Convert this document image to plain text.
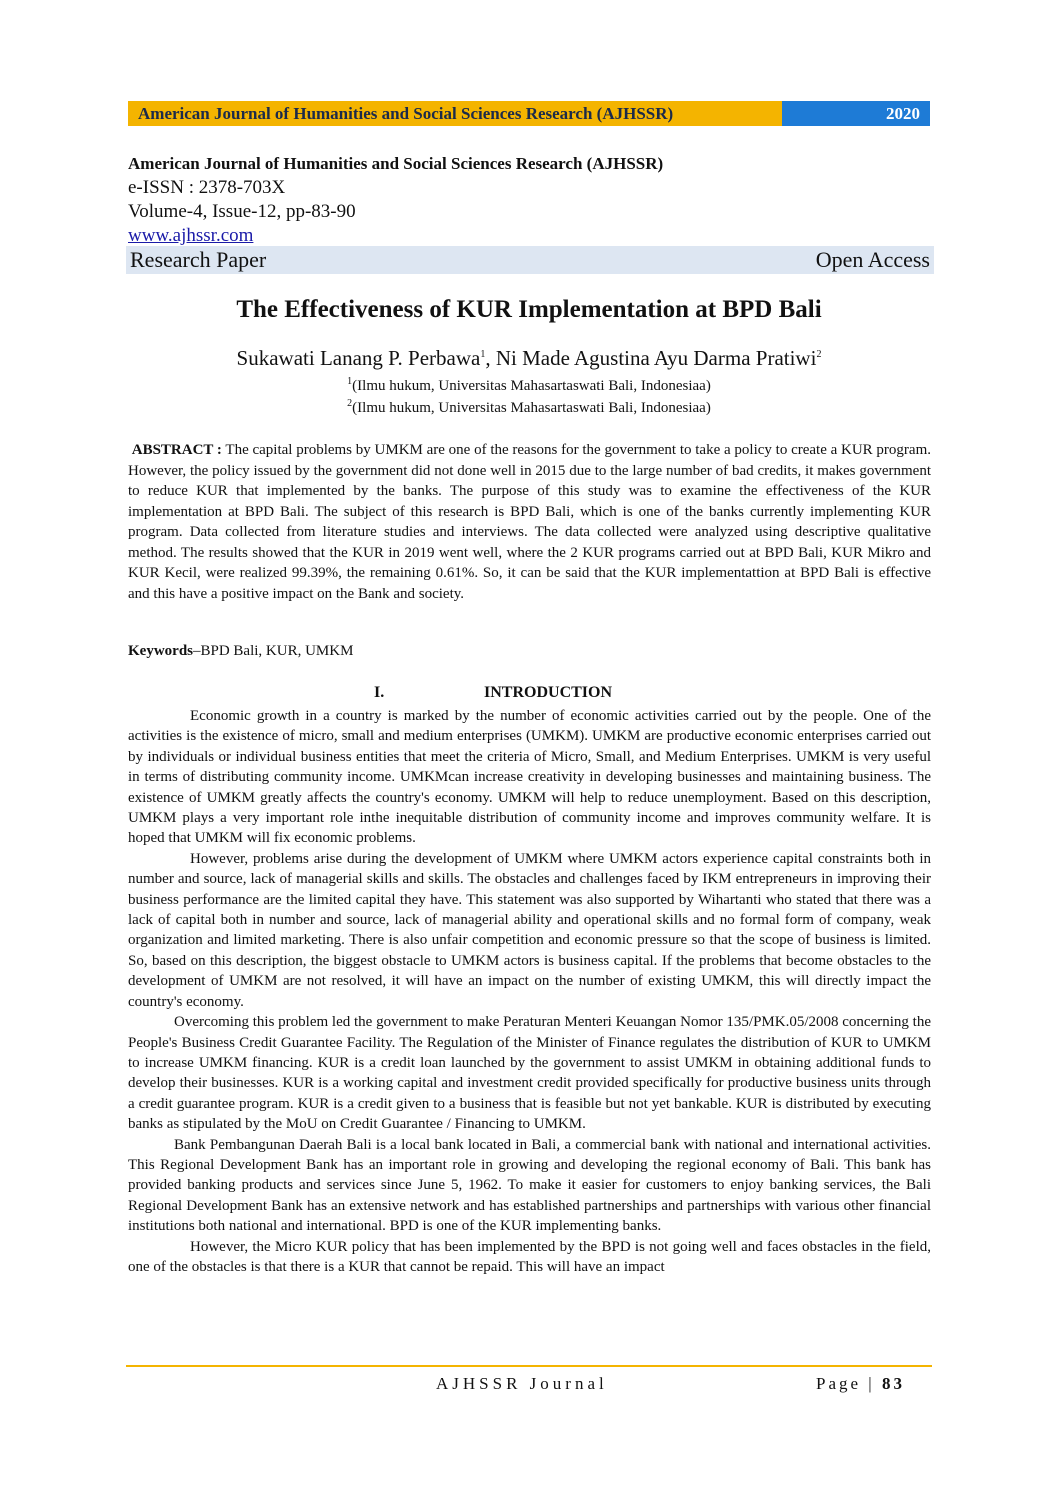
American Journal of Humanities and Social Sciences Research (AJHSSR)	2020
American Journal of Humanities and Social Sciences Research (AJHSSR)
e-ISSN : 2378-703X
Volume-4, Issue-12, pp-83-90
www.ajhssr.com
Research Paper	Open Access
The Effectiveness of KUR Implementation at BPD Bali
Sukawati Lanang P. Perbawa$^1$, Ni Made Agustina Ayu Darma Pratiwi$^2$
$^1$(Ilmu hukum, Universitas Mahasartaswati Bali, Indonesiaa)
$^2$(Ilmu hukum, Universitas Mahasartaswati Bali, Indonesiaa)
ABSTRACT : The capital problems by UMKM are one of the reasons for the government to take a policy to create a KUR program. However, the policy issued by the government did not done well in 2015 due to the large number of bad credits, it makes government to reduce KUR that implemented by the banks. The purpose of this study was to examine the effectiveness of the KUR implementation at BPD Bali. The subject of this research is BPD Bali, which is one of the banks currently implementing KUR program. Data collected from literature studies and interviews. The data collected were analyzed using descriptive qualitative method. The results showed that the KUR in 2019 went well, where the 2 KUR programs carried out at BPD Bali, KUR Mikro and KUR Kecil, were realized 99.39%, the remaining 0.61%. So, it can be said that the KUR implementattion at BPD Bali is effective and this have a positive impact on the Bank and society.
Keywords–BPD Bali, KUR, UMKM
I.	INTRODUCTION

Economic growth in a country is marked by the number of economic activities carried out by the people. One of the activities is the existence of micro, small and medium enterprises (UMKM). UMKM are productive economic enterprises carried out by individuals or individual business entities that meet the criteria of Micro, Small, and Medium Enterprises. UMKM is very useful in terms of distributing community income. UMKMcan increase creativity in developing businesses and maintaining business. The existence of UMKM greatly affects the country's economy. UMKM will help to reduce unemployment. Based on this description, UMKM plays a very important role inthe inequitable distribution of community income and improves community welfare. It is hoped that UMKM will fix economic problems.

However, problems arise during the development of UMKM where UMKM actors experience capital constraints both in number and source, lack of managerial skills and skills. The obstacles and challenges faced by IKM entrepreneurs in improving their business performance are the limited capital they have. This statement was also supported by Wihartanti who stated that there was a lack of capital both in number and source, lack of managerial ability and operational skills and no formal form of company, weak organization and limited marketing. There is also unfair competition and economic pressure so that the scope of business is limited. So, based on this description, the biggest obstacle to UMKM actors is business capital. If the problems that become obstacles to the development of UMKM are not resolved, it will have an impact on the number of existing UMKM, this will directly impact the country's economy.

Overcoming this problem led the government to make Peraturan Menteri Keuangan Nomor 135/PMK.05/2008 concerning the People's Business Credit Guarantee Facility. The Regulation of the Minister of Finance regulates the distribution of KUR to UMKM to increase UMKM financing. KUR is a credit loan launched by the government to assist UMKM in obtaining additional funds to develop their businesses. KUR is a working capital and investment credit provided specifically for productive business units through a credit guarantee program. KUR is a credit given to a business that is feasible but not yet bankable. KUR is distributed by executing banks as stipulated by the MoU on Credit Guarantee / Financing to UMKM.

Bank Pembangunan Daerah Bali is a local bank located in Bali, a commercial bank with national and international activities. This Regional Development Bank has an important role in growing and developing the regional economy of Bali. This bank has provided banking products and services since June 5, 1962. To make it easier for customers to enjoy banking services, the Bali Regional Development Bank has an extensive network and has established partnerships and partnerships with various other financial institutions both national and international. BPD is one of the KUR implementing banks.

However, the Micro KUR policy that has been implemented by the BPD is not going well and faces obstacles in the field, one of the obstacles is that there is a KUR that cannot be repaid. This will have an impact

AJHSSR Journal	Page | 83
